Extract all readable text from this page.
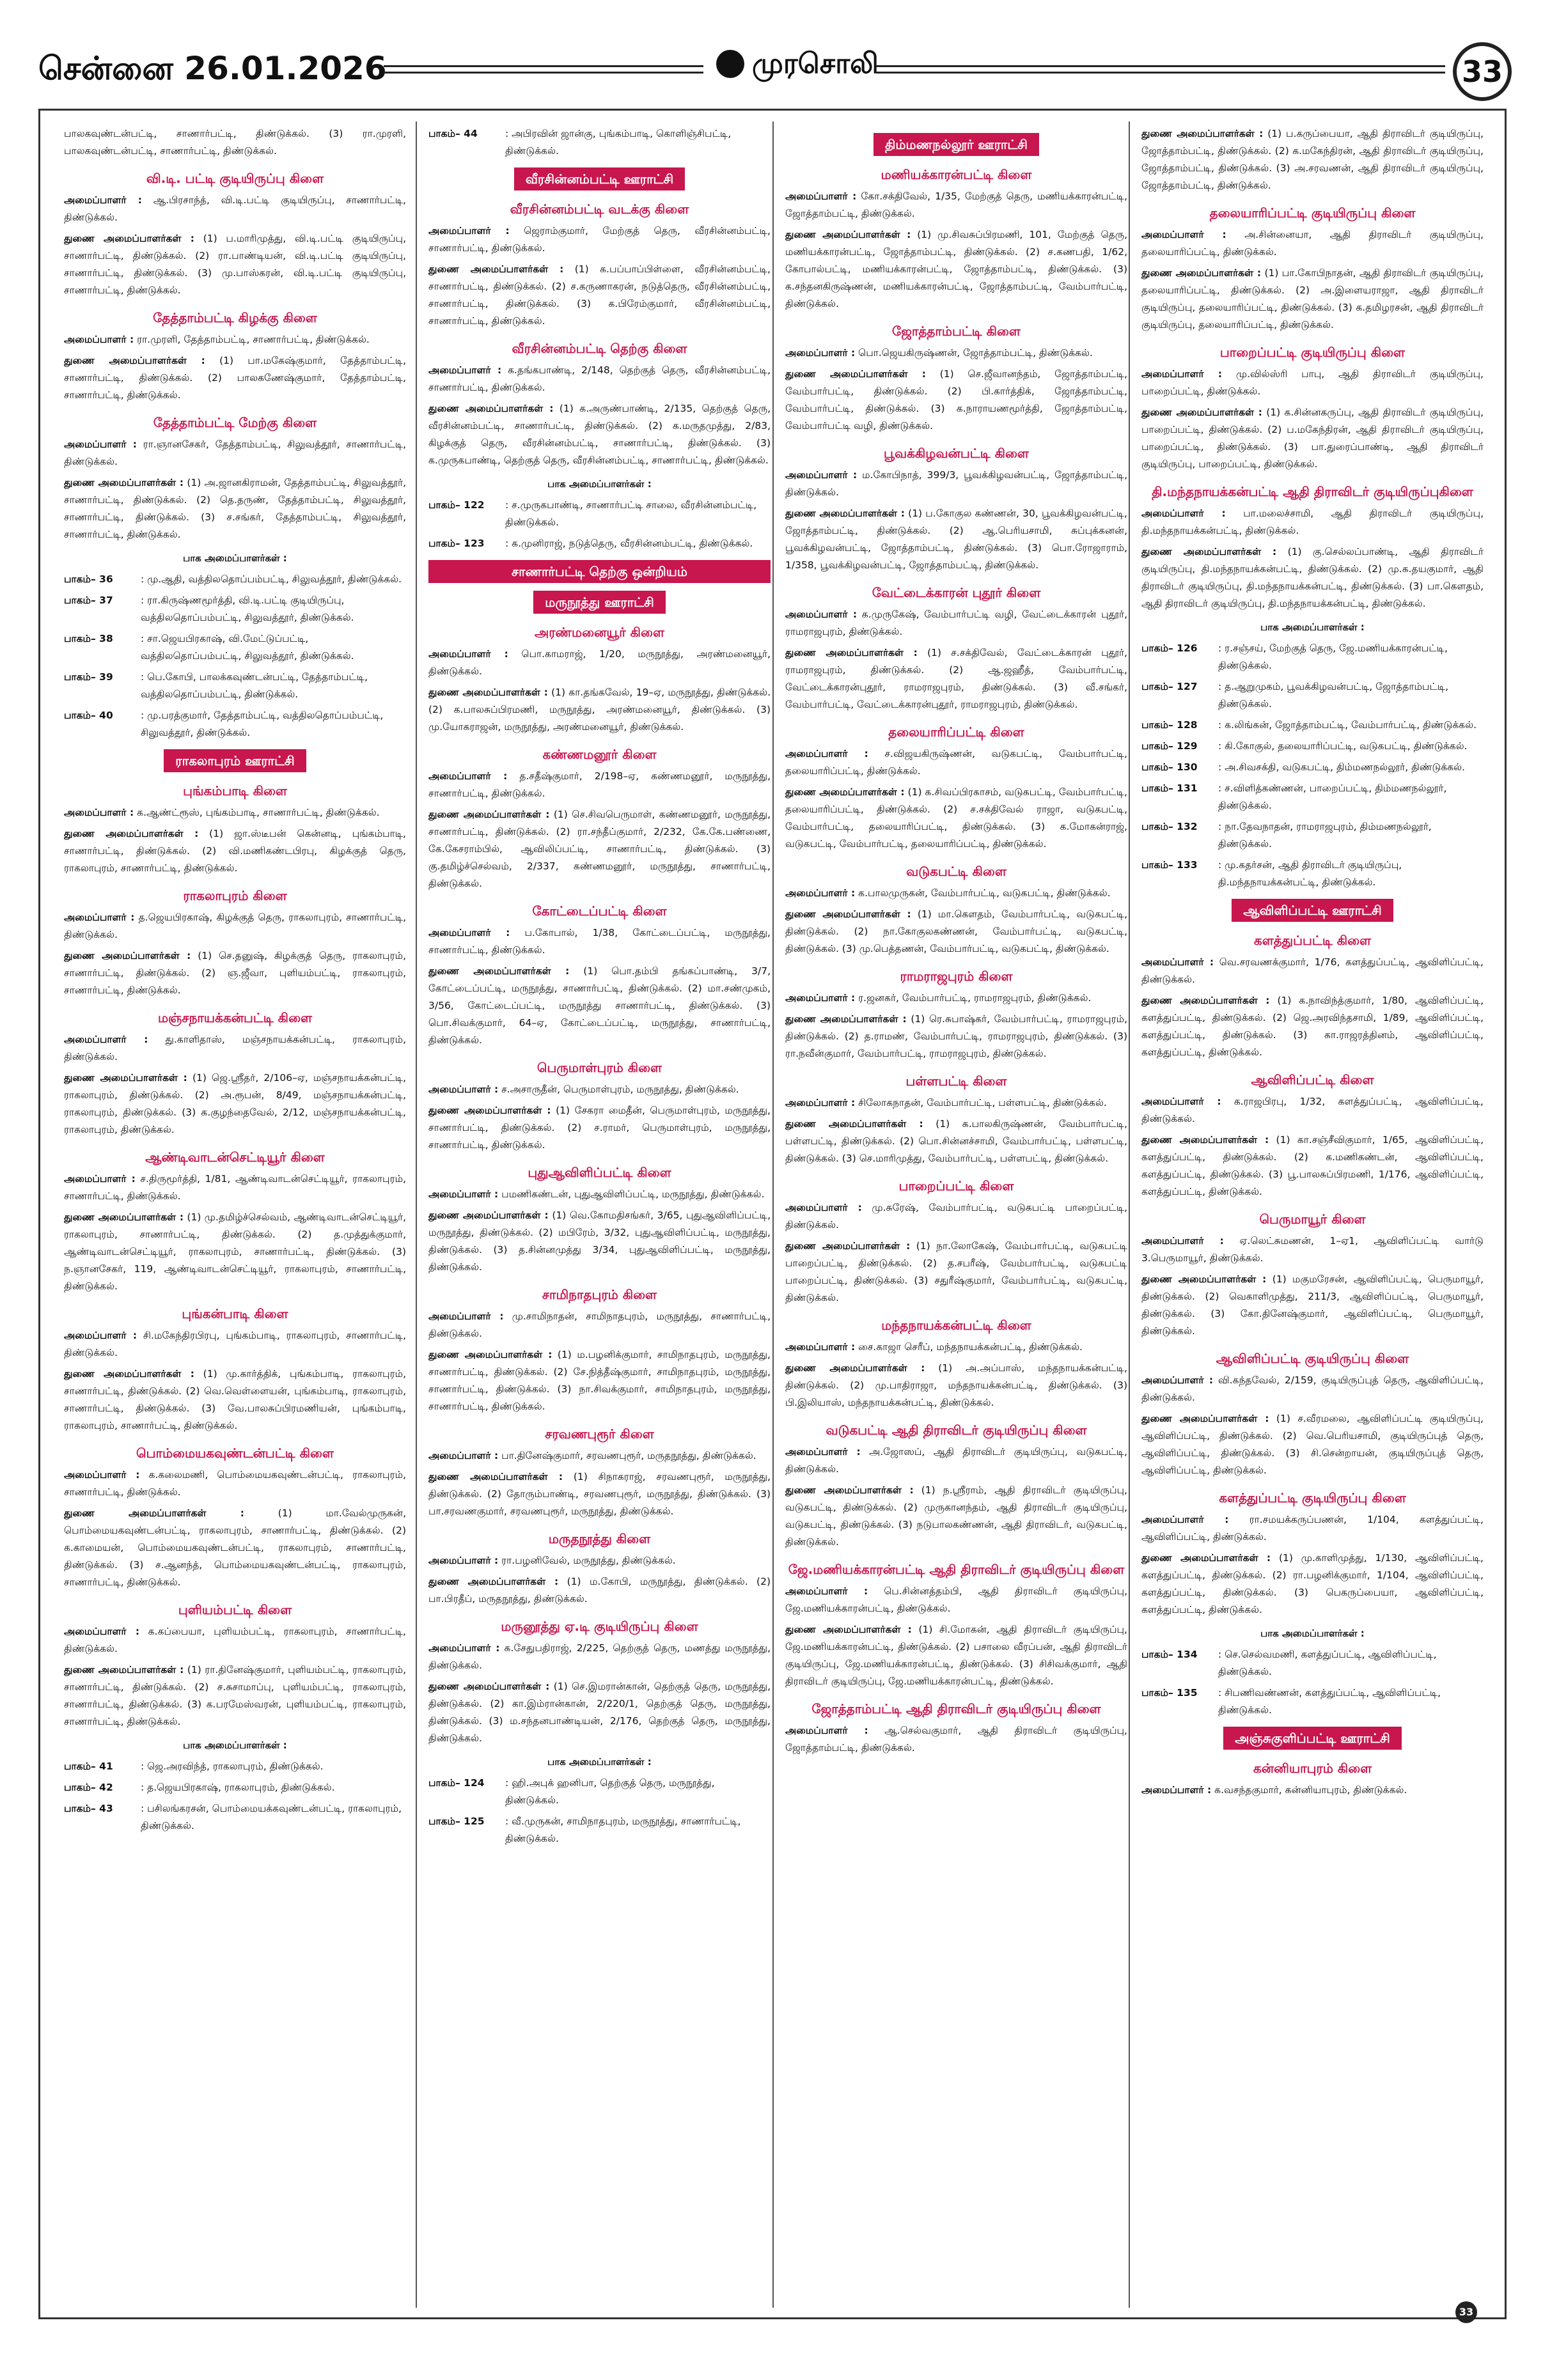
சென்னை 26.01.2026	முரசொலி	33
பாலகவுண்டன்பட்டி, சாணார்பட்டி, திண்டுக்கல். (3) ரா.முரளி, பாலகவுண்டன்பட்டி, சாணார்பட்டி, திண்டுக்கல்.
வி.டி. பட்டி குடியிருப்பு கிளை
அமைப்பாளர் : ஆ.பிரசாந்த், வி.டி.பட்டி குடியிருப்பு, சாணார்பட்டி, திண்டுக்கல்.
துணை அமைப்பாளர்கள் : (1) ப.மாரிமுத்து, வி.டி.பட்டி குடியிருப்பு, சாணார்பட்டி, திண்டுக்கல். (2) ரா.பாண்டியன், வி.டி.பட்டி குடியிருப்பு, சாணார்பட்டி, திண்டுக்கல். (3) மு.பாஸ்கரன், வி.டி.பட்டி குடியிருப்பு, சாணார்பட்டி, திண்டுக்கல்.
தேத்தாம்பட்டி கிழக்கு கிளை
அமைப்பாளர் : ரா.முரளி, தேத்தாம்பட்டி, சாணார்பட்டி, திண்டுக்கல்.
துணை அமைப்பாளர்கள் : (1) பா.மகேஷ்குமார், தேத்தாம்பட்டி, சாணார்பட்டி, திண்டுக்கல். (2) பாலகணேஷ்குமார், தேத்தாம்பட்டி, சாணார்பட்டி, திண்டுக்கல்.
தேத்தாம்பட்டி மேற்கு கிளை
அமைப்பாளர் : ரா.ஞானசேகர், தேத்தாம்பட்டி, சிலுவத்தூர், சாணார்பட்டி, திண்டுக்கல்.
துணை அமைப்பாளர்கள் : (1) அ.ஜானகிராமன், தேத்தாம்பட்டி, சிலுவத்தூர், சாணார்பட்டி, திண்டுக்கல். (2) தெ.தருண், தேத்தாம்பட்டி, சிலுவத்தூர், சாணார்பட்டி, திண்டுக்கல். (3) ச.சங்கர், தேத்தாம்பட்டி, சிலுவத்தூர், சாணார்பட்டி, திண்டுக்கல்.
பாக அமைப்பாளர்கள் :
பாகம்– 36	: மு.ஆதி, வத்திலதொப்பம்பட்டி, சிலுவத்தூர், திண்டுக்கல்.
பாகம்– 37	: ரா.கிருஷ்ணமூர்த்தி, வி.டி.பட்டி குடியிருப்பு, வத்திலதொப்பம்பட்டி, சிலுவத்தூர், திண்டுக்கல்.
பாகம்– 38	: சா.ஜெயபிரகாஷ், வி.மேட்டுப்பட்டி, வத்திலதொப்பம்பட்டி, சிலுவத்தூர், திண்டுக்கல்.
பாகம்– 39	: பெ.கோபி, பாலக்கவுண்டன்பட்டி, தேத்தாம்பட்டி, வத்திலதொப்பம்பட்டி, திண்டுக்கல்.
பாகம்– 40	: மு.பரத்குமார், தேத்தாம்பட்டி, வத்திலதொப்பம்பட்டி, சிலுவத்தூர், திண்டுக்கல்.
ராகலாபுரம் ஊராட்சி
புங்கம்பாடி கிளை
அமைப்பாளர் : க.ஆண்ட்ரூஸ், புங்கம்பாடி, சாணார்பட்டி, திண்டுக்கல்.
துணை அமைப்பாளர்கள் : (1) ஜா.ஸ்டீபன் கென்னடி, புங்கம்பாடி, சாணார்பட்டி, திண்டுக்கல். (2) வி.மணிகண்டபிரபு, கிழக்குத் தெரு, ராகலாபுரம், சாணார்பட்டி, திண்டுக்கல்.
ராகலாபுரம் கிளை
அமைப்பாளர் : த.ஜெயபிரகாஷ், கிழக்குத் தெரு, ராகலாபுரம், சாணார்பட்டி, திண்டுக்கல்.
துணை அமைப்பாளர்கள் : (1) செ.தனுஷ், கிழக்குத் தெரு, ராகலாபுரம், சாணார்பட்டி, திண்டுக்கல். (2) ஞ.ஜீவா, புளியம்பட்டி, ராகலாபுரம், சாணார்பட்டி, திண்டுக்கல்.
மஞ்சநாயக்கன்பட்டி கிளை
அமைப்பாளர் : து.காளிதாஸ், மஞ்சநாயக்கன்பட்டி, ராகலாபுரம், திண்டுக்கல்.
துணை அமைப்பாளர்கள் : (1) ஜெ.ஸ்ரீதர், 2/106–ஏ, மஞ்சநாயக்கன்பட்டி, ராகலாபுரம், திண்டுக்கல். (2) அ.ரூபன், 8/49, மஞ்சநாயக்கன்பட்டி, ராகலாபுரம், திண்டுக்கல். (3) க.குழந்தைவேல், 2/12, மஞ்சநாயக்கன்பட்டி, ராகலாபுரம், திண்டுக்கல்.
ஆண்டிவாடன்செட்டியூர் கிளை
அமைப்பாளர் : ச.திருமூர்த்தி, 1/81, ஆண்டிவாடன்செட்டியூர், ராகலாபுரம், சாணார்பட்டி, திண்டுக்கல்.
துணை அமைப்பாளர்கள் : (1) மு.தமிழ்ச்செல்வம், ஆண்டிவாடன்செட்டியூர், ராகலாபுரம், சாணார்பட்டி, திண்டுக்கல். (2) த.முத்துக்குமார், ஆண்டிவாடன்செட்டியூர், ராகலாபுரம், சாணார்பட்டி, திண்டுக்கல். (3) ந.ஞானசேகர், 119, ஆண்டிவாடன்செட்டியூர், ராகலாபுரம், சாணார்பட்டி, திண்டுக்கல்.
புங்கன்பாடி கிளை
அமைப்பாளர் : சி.மகேந்திரபிரபு, புங்கம்பாடி, ராகலாபுரம், சாணார்பட்டி, திண்டுக்கல்.
துணை அமைப்பாளர்கள் : (1) மு.கார்த்திக், புங்கம்பாடி, ராகலாபுரம், சாணார்பட்டி, திண்டுக்கல். (2) வெ.வெள்ளையன், புங்கம்பாடி, ராகலாபுரம், சாணார்பட்டி, திண்டுக்கல். (3) வே.பாலசுப்பிரமணியன், புங்கம்பாடி, ராகலாபுரம், சாணார்பட்டி, திண்டுக்கல்.
பொம்மையகவுண்டன்பட்டி கிளை
அமைப்பாளர் : க.கலைமணி, பொம்மையகவுண்டன்பட்டி, ராகலாபுரம், சாணார்பட்டி, திண்டுக்கல்.
துணை அமைப்பாளர்கள் :	(1) மா.வேல்முருகன், பொம்மையகவுண்டன்பட்டி, ராகலாபுரம், சாணார்பட்டி, திண்டுக்கல். (2) க.காமையன், பொம்மையகவுண்டன்பட்டி, ராகலாபுரம், சாணார்பட்டி, திண்டுக்கல். (3) ச.ஆனந்த், பொம்மையகவுண்டன்பட்டி, ராகலாபுரம், சாணார்பட்டி, திண்டுக்கல்.
புளியம்பட்டி கிளை
அமைப்பாளர் : க.கப்பையா, புளியம்பட்டி, ராகலாபுரம், சாணார்பட்டி, திண்டுக்கல்.
துணை அமைப்பாளர்கள் : (1) ரா.தினேஷ்குமார், புளியம்பட்டி, ராகலாபுரம், சாணார்பட்டி, திண்டுக்கல். (2) ச.சுசாமாப்பு, புளியம்பட்டி, ராகலாபுரம், சாணார்பட்டி, திண்டுக்கல். (3) க.பரமேஸ்வரன், புளியம்பட்டி, ராகலாபுரம், சாணார்பட்டி, திண்டுக்கல்.
பாக அமைப்பாளர்கள் :
பாகம்– 41	: ஜெ.அரவிந்த், ராகலாபுரம், திண்டுக்கல்.
பாகம்– 42	: த.ஜெயபிரகாஷ், ராகலாபுரம், திண்டுக்கல்.
பாகம்– 43	: பசிலங்கரசன், பொம்மையக்கவுண்டன்பட்டி, ராகலாபுரம், திண்டுக்கல்.
பாகம்– 44	: அபிரவின் ஜான்கு, புங்கம்பாடி, கொளிஞ்சிபட்டி, திண்டுக்கல்.
வீரசின்னம்பட்டி ஊராட்சி
வீரசின்னம்பட்டி வடக்கு கிளை
அமைப்பாளர் : ஜெராம்குமார், மேற்குத் தெரு, வீரசின்னம்பட்டி, சாணார்பட்டி, திண்டுக்கல்.
துணை அமைப்பாளர்கள் : (1) க.பப்பாப்பிள்ளை, வீரசின்னம்பட்டி, சாணார்பட்டி, திண்டுக்கல். (2) ச.கருணாகரன், நடுத்தெரு, வீரசின்னம்பட்டி, சாணார்பட்டி, திண்டுக்கல். (3) க.பிரேம்குமார், வீரசின்னம்பட்டி, சாணார்பட்டி, திண்டுக்கல்.
வீரசின்னம்பட்டி தெற்கு கிளை
அமைப்பாளர் : க.தங்கபாண்டி, 2/148, தெற்குத் தெரு, வீரசின்னம்பட்டி, சாணார்பட்டி, திண்டுக்கல்.
துணை அமைப்பாளர்கள் : (1) க.அருண்பாண்டி, 2/135, தெற்குத் தெரு, வீரசின்னம்பட்டி, சாணார்பட்டி, திண்டுக்கல். (2) க.மருதமுத்து, 2/83, கிழக்குத் தெரு, வீரசின்னம்பட்டி, சாணார்பட்டி, திண்டுக்கல். (3) க.முருகபாண்டி, தெற்குத் தெரு, வீரசின்னம்பட்டி, சாணார்பட்டி, திண்டுக்கல்.
பாக அமைப்பாளர்கள் :
பாகம்– 122	: ச.முருகபாண்டி, சாணார்பட்டி சாலை, வீரசின்னம்பட்டி, திண்டுக்கல்.
பாகம்– 123	: க.முனிராஜ், நடுத்தெரு, வீரசின்னம்பட்டி, திண்டுக்கல்.
சாணார்பட்டி தெற்கு ஒன்றியம்
மருநூத்து ஊராட்சி
அரண்மனையூர் கிளை
அமைப்பாளர் : பொ.காமராஜ், 1/20, மருநூத்து, அரண்மனையூர், திண்டுக்கல்.
துணை அமைப்பாளர்கள் : (1) கா.தங்கவேல், 19–ஏ, மருநூத்து, திண்டுக்கல். (2) க.பாலசுப்பிரமணி, மருநூத்து, அரண்மனையூர், திண்டுக்கல். (3) மு.யோகராஜன், மருநூத்து, அரண்மனையூர், திண்டுக்கல்.
கண்ணமனூர் கிளை
அமைப்பாளர் : த.சதீஷ்குமார், 2/198–ஏ, கண்ணமனூர், மருநூத்து, சாணார்பட்டி, திண்டுக்கல்.
துணை அமைப்பாளர்கள் : (1) செ.சிவபெருமாள், கண்ணமனூர், மருநூத்து, சாணார்பட்டி, திண்டுக்கல். (2) ரா.சந்தீப்குமார், 2/232, கே.கே.பண்ணை, கே.கேசராம்பில், ஆவிலிப்பட்டி, சாணார்பட்டி, திண்டுக்கல். (3) கு.தமிழ்ச்செல்வம், 2/337, கண்ணமனூர், மருநூத்து, சாணார்பட்டி, திண்டுக்கல்.
கோட்டைப்பட்டி கிளை
அமைப்பாளர் : ப.கோபால், 1/38, கோட்டைப்பட்டி, மருநூத்து, சாணார்பட்டி, திண்டுக்கல்.
துணை அமைப்பாளர்கள் : (1) பொ.தம்பி தங்கப்பாண்டி, 3/7, கோட்டைப்பட்டி, மருநூத்து, சாணார்பட்டி, திண்டுக்கல். (2) மா.சண்முகம், 3/56, கோட்டைப்பட்டி, மருநூத்து சாணார்பட்டி, திண்டுக்கல். (3) பொ.சிவக்குமார், 64–ஏ, கோட்டைப்பட்டி, மருநூத்து, சாணார்பட்டி, திண்டுக்கல்.
பெருமாள்புரம் கிளை
அமைப்பாளர் : ச.அசாருதீன், பெருமாள்புரம், மருநூத்து, திண்டுக்கல்.
துணை அமைப்பாளர்கள் : (1) சேகரா மைதீன், பெருமாள்புரம், மருநூத்து, சாணார்பட்டி, திண்டுக்கல். (2) ச.ராமர், பெருமாள்புரம், மருநூத்து, சாணார்பட்டி, திண்டுக்கல்.
புதுஆவிளிப்பட்டி கிளை
அமைப்பாளர் : பமணிகண்டன், புதுஆவிளிப்பட்டி, மருநூத்து, திண்டுக்கல்.
துணை அமைப்பாளர்கள் : (1) வெ.கோமதிசங்கர், 3/65, புதுஆவிளிப்பட்டி, மருநூத்து, திண்டுக்கல். (2) மபிரேம், 3/32, புதுஆவிளிப்பட்டி, மருநூத்து, திண்டுக்கல். (3) த.சின்னமுத்து 3/34, புதுஆவிளிப்பட்டி, மருநூத்து, திண்டுக்கல்.
சாமிநாதபுரம் கிளை
அமைப்பாளர் : மு.சாமிநாதன், சாமிநாதபுரம், மருநூத்து, சாணார்பட்டி, திண்டுக்கல்.
துணை அமைப்பாளர்கள் : (1) ம.பழனிக்குமார், சாமிநாதபுரம், மருநூத்து, சாணார்பட்டி, திண்டுக்கல். (2) சே.நித்தீஷ்குமார், சாமிநாதபுரம், மருநூத்து, சாணார்பட்டி, திண்டுக்கல். (3) நா.சிவக்குமார், சாமிநாதபுரம், மருநூத்து, சாணார்பட்டி, திண்டுக்கல்.
சரவணபுரூர் கிளை
அமைப்பாளர் : பா.தினேஷ்குமார், சரவணபுரூர், மருதநூத்து, திண்டுக்கல்.
துணை அமைப்பாளர்கள் : (1) சிநாகராஜ், சரவணபுரூர், மருநூத்து, திண்டுக்கல். (2) தோரும்பாண்டி, சரவணபுரூர், மருநூத்து, திண்டுக்கல். (3) பா.சரவணகுமார், சரவணபுரூர், மருநூத்து, திண்டுக்கல்.
மருதநூத்து கிளை
அமைப்பாளர் : ரா.பழனிவேல், மருநூத்து, திண்டுக்கல்.
துணை அமைப்பாளர்கள் : (1) ம.கோபி, மருநூத்து, திண்டுக்கல். (2) பா.பிரதீப், மருதநூத்து, திண்டுக்கல்.
மருனூத்து ஏ.டி குடியிருப்பு கிளை
அமைப்பாளர் : க.சேதுபதிராஜ், 2/225, தெற்குத் தெரு, மணத்து மருநூத்து, திண்டுக்கல்.
துணை அமைப்பாளர்கள் : (1) செ.இமரான்கான், தெற்குத் தெரு, மருநூத்து, திண்டுக்கல். (2) கா.இம்ரான்கான், 2/220/1, தெற்குத் தெரு, மருநூத்து, திண்டுக்கல். (3) ம.சந்தனபாண்டியன், 2/176, தெற்குத் தெரு, மருநூத்து, திண்டுக்கல்.
பாக அமைப்பாளர்கள் :
பாகம்– 124	: ஹி.அபுக் ஹனிபா, தெற்குத் தெரு, மருநூத்து, திண்டுக்கல்.
பாகம்– 125	: வீ.முருகன், சாமிநாதபுரம், மருநூத்து, சாணார்பட்டி, திண்டுக்கல்.
திம்மணநல்லூர் ஊராட்சி
மணியக்காரன்பட்டி கிளை
அமைப்பாளர் : கோ.சக்திவேல், 1/35, மேற்குத் தெரு, மணியக்காரன்பட்டி, ஜோத்தாம்பட்டி, திண்டுக்கல்.
துணை அமைப்பாளர்கள் : (1) மு.சிவசுப்பிரமணி, 101, மேற்குத் தெரு, மணியக்காரன்பட்டி, ஜோத்தாம்பட்டி, திண்டுக்கல். (2) ச.கணபதி, 1/62, கோபால்பட்டி, மணியக்காரன்பட்டி, ஜோத்தாம்பட்டி, திண்டுக்கல். (3) க.சந்தனகிருஷ்ணன், மணியக்காரன்பட்டி, ஜோத்தாம்பட்டி, வேம்பார்பட்டி, திண்டுக்கல்.
ஜோத்தாம்பட்டி கிளை
அமைப்பாளர் : பொ.ஜெயகிருஷ்ணன், ஜோத்தாம்பட்டி, திண்டுக்கல்.
துணை அமைப்பாளர்கள் : (1) செ.ஜீவானந்தம், ஜோத்தாம்பட்டி, வேம்பார்பட்டி, திண்டுக்கல். (2) பி.கார்த்திக், ஜோத்தாம்பட்டி, வேம்பார்பட்டி, திண்டுக்கல். (3) க.நாராயணமூர்த்தி, ஜோத்தாம்பட்டி, வேம்பார்பட்டி வழி, திண்டுக்கல்.
பூவக்கிழவன்பட்டி கிளை
அமைப்பாளர் : ம.கோபிநாத், 399/3, பூவக்கிழவன்பட்டி, ஜோத்தாம்பட்டி, திண்டுக்கல்.
துணை அமைப்பாளர்கள் : (1) ப.கோகுல கண்ணன், 30, பூவக்கிழவன்பட்டி, ஜோத்தாம்பட்டி, திண்டுக்கல். (2) ஆ.பெரியசாமி, சுப்புக்கனன், பூவக்கிழவன்பட்டி, ஜோத்தாம்பட்டி, திண்டுக்கல். (3) பொ.ரோஜாராம், 1/358, பூவக்கிழவன்பட்டி, ஜோத்தாம்பட்டி, திண்டுக்கல்.
வேட்டைக்காரன் புதூர் கிளை
அமைப்பாளர் : க.முருகேஷ், வேம்பார்பட்டி வழி, வேட்டைக்காரன் புதூர், ராமராஜபுரம், திண்டுக்கல்.
துணை அமைப்பாளர்கள் : (1) ச.சக்திவேல், வேட்டைக்காரன் புதூர், ராமராஜபுரம், திண்டுக்கல். (2) ஆ.ஜஹீத், வேம்பார்பட்டி, வேட்டைக்காரன்புதூர், ராமராஜபுரம், திண்டுக்கல். (3) வீ.சங்கர், வேம்பார்பட்டி, வேட்டைக்காரன்புதூர், ராமராஜபுரம், திண்டுக்கல்.
தலையாரிப்பட்டி கிளை
அமைப்பாளர் : ச.விஜயகிருஷ்ணன், வடுகபட்டி, வேம்பார்பட்டி, தலையாரிப்பட்டி, திண்டுக்கல்.
துணை அமைப்பாளர்கள் : (1) க.சிவப்பிரகாசம், வடுகபட்டி, வேம்பார்பட்டி, தலையாரிப்பட்டி, திண்டுக்கல். (2) ச.சக்திவேல் ராஜா, வடுகபட்டி, வேம்பார்பட்டி, தலையாரிப்பட்டி, திண்டுக்கல். (3) க.மோகன்ராஜ், வடுகபட்டி, வேம்பார்பட்டி, தலையாரிப்பட்டி, திண்டுக்கல்.
வடுகபட்டி கிளை
அமைப்பாளர் : க.பாலமுருகன், வேம்பார்பட்டி, வடுகபட்டி, திண்டுக்கல்.
துணை அமைப்பாளர்கள் : (1) மா.கௌதம், வேம்பார்பட்டி, வடுகபட்டி, திண்டுக்கல். (2) நா.கோகுலகண்ணன், வேம்பார்பட்டி, வடுகபட்டி, திண்டுக்கல். (3) மு.பெத்தணன், வேம்பார்பட்டி, வடுகபட்டி, திண்டுக்கல்.
ராமராஜபுரம் கிளை
அமைப்பாளர் : ர.ஜனகர், வேம்பார்பட்டி, ராமராஜபுரம், திண்டுக்கல்.
துணை அமைப்பாளர்கள் : (1) ரெ.சுபாஷ்கர், வேம்பார்பட்டி, ராமராஜபுரம், திண்டுக்கல். (2) த.ராமண், வேம்பார்பட்டி, ராமராஜபுரம், திண்டுக்கல். (3) ரா.நவீன்குமார், வேம்பார்பட்டி, ராமராஜபுரம், திண்டுக்கல்.
பள்ளபட்டி கிளை
அமைப்பாளர் : சிலோகநாதன், வேம்பார்பட்டி, பள்ளபட்டி, திண்டுக்கல்.
துணை அமைப்பாளர்கள் : (1) க.பாலகிருஷ்ணன், வேம்பார்பட்டி, பள்ளபட்டி, திண்டுக்கல். (2) பொ.சின்னச்சாமி, வேம்பார்பட்டி, பள்ளபட்டி, திண்டுக்கல். (3) செ.மாரிமுத்து, வேம்பார்பட்டி, பள்ளபட்டி, திண்டுக்கல்.
பாறைப்பட்டி கிளை
அமைப்பாளர் : மு.சுரேஷ், வேம்பார்பட்டி, வடுகபட்டி பாறைப்பட்டி, திண்டுக்கல்.
துணை அமைப்பாளர்கள் : (1) நா.லோகேஷ், வேம்பார்பட்டி, வடுகபட்டி பாறைப்பட்டி, திண்டுக்கல். (2) த.சபரீஷ், வேம்பார்பட்டி, வடுகபட்டி பாறைப்பட்டி, திண்டுக்கல். (3) சதுரீஷ்குமார், வேம்பார்பட்டி, வடுகபட்டி, திண்டுக்கல்.
மந்தநாயக்கன்பட்டி கிளை
அமைப்பாளர் : சை.காஜா செரீப், மந்தநாயக்கன்பட்டி, திண்டுக்கல்.
துணை அமைப்பாளர்கள் : (1) அ.அப்பாஸ், மந்தநாயக்கன்பட்டி, திண்டுக்கல். (2) மு.பாதிராஜா, மந்தநாயக்கன்பட்டி, திண்டுக்கல். (3) பி.இலியாஸ், மந்தநாயக்கன்பட்டி, திண்டுக்கல்.
வடுகபட்டி ஆதி திராவிடர் குடியிருப்பு கிளை
அமைப்பாளர் : அ.ஜோஸப், ஆதி திராவிடர் குடியிருப்பு, வடுகபட்டி, திண்டுக்கல்.
துணை அமைப்பாளர்கள் : (1) ந.ஸ்ரீராம், ஆதி திராவிடர் குடியிருப்பு, வடுகபட்டி, திண்டுக்கல். (2) முருகானந்தம், ஆதி திராவிடர் குடியிருப்பு, வடுகபட்டி, திண்டுக்கல். (3) நடுபாலகண்ணன், ஆதி திராவிடர், வடுகபட்டி, திண்டுக்கல்.
ஜே.மணியக்காரன்பட்டி ஆதி திராவிடர் குடியிருப்பு கிளை
அமைப்பாளர் : பெ.சின்னத்தம்பி, ஆதி திராவிடர் குடியிருப்பு, ஜே.மணியக்காரன்பட்டி, திண்டுக்கல்.
துணை அமைப்பாளர்கள் : (1) சி.மோகன், ஆதி திராவிடர் குடியிருப்பு, ஜே.மணியக்காரன்பட்டி, திண்டுக்கல். (2) பசாலை வீரப்பன், ஆதி திராவிடர் குடியிருப்பு, ஜே.மணியக்காரன்பட்டி, திண்டுக்கல். (3) சிசிவக்குமார், ஆதி திராவிடர் குடியிருப்பு, ஜே.மணியக்காரன்பட்டி, திண்டுக்கல்.
ஜோத்தாம்பட்டி ஆதி திராவிடர் குடியிருப்பு கிளை
அமைப்பாளர் : ஆ.செல்வகுமார், ஆதி திராவிடர் குடியிருப்பு, ஜோத்தாம்பட்டி, திண்டுக்கல்.
துணை அமைப்பாளர்கள் : (1) ப.கருப்பையா, ஆதி திராவிடர் குடியிருப்பு, ஜோத்தாம்பட்டி, திண்டுக்கல். (2) க.மகேந்திரன், ஆதி திராவிடர் குடியிருப்பு, ஜோத்தாம்பட்டி, திண்டுக்கல். (3) அ.சரவணன், ஆதி திராவிடர் குடியிருப்பு, ஜோத்தாம்பட்டி, திண்டுக்கல்.
தலையாரிப்பட்டி குடியிருப்பு கிளை
அமைப்பாளர் : அ.சின்னையா, ஆதி திராவிடர் குடியிருப்பு, தலையாரிப்பட்டி, திண்டுக்கல்.
துணை அமைப்பாளர்கள் : (1) பா.கோபிநாதன், ஆதி திராவிடர் குடியிருப்பு, தலையாரிப்பட்டி, திண்டுக்கல். (2) அ.இளையராஜா, ஆதி திராவிடர் குடியிருப்பு, தலையாரிப்பட்டி, திண்டுக்கல். (3) க.தமிழரசன், ஆதி திராவிடர் குடியிருப்பு, தலையாரிப்பட்டி, திண்டுக்கல்.
பாறைப்பட்டி குடியிருப்பு கிளை
அமைப்பாளர் : மு.வில்ஸ்ரி பாபு, ஆதி திராவிடர் குடியிருப்பு, பாறைப்பட்டி, திண்டுக்கல்.
துணை அமைப்பாளர்கள் : (1) க.சின்னகருப்பு, ஆதி திராவிடர் குடியிருப்பு, பாறைப்பட்டி, திண்டுக்கல். (2) ப.மகேந்திரன், ஆதி திராவிடர் குடியிருப்பு, பாறைப்பட்டி, திண்டுக்கல். (3) பா.துரைப்பாண்டி, ஆதி திராவிடர் குடியிருப்பு, பாறைப்பட்டி, திண்டுக்கல்.
தி.மந்தநாயக்கன்பட்டி ஆதி திராவிடர் குடியிருப்புகிளை
அமைப்பாளர் : பா.மலைச்சாமி, ஆதி திராவிடர் குடியிருப்பு, தி.மந்தநாயக்கன்பட்டி, திண்டுக்கல்.
துணை அமைப்பாளர்கள் : (1) கு.செல்லப்பாண்டி, ஆதி திராவிடர் குடியிருப்பு, தி.மந்தநாயக்கன்பட்டி, திண்டுக்கல். (2) மு.க.தயகுமார், ஆதி திராவிடர் குடியிருப்பு, தி.மந்தநாயக்கன்பட்டி, திண்டுக்கல். (3) பா.கௌதம், ஆதி திராவிடர் குடியிருப்பு, தி.மந்தநாயக்கன்பட்டி, திண்டுக்கல்.
பாக அமைப்பாளர்கள் :
பாகம்– 126	: ர.சஞ்சய், மேற்குத் தெரு, ஜே.மணியக்காரன்பட்டி, திண்டுக்கல்.
பாகம்– 127	: த.ஆறுமுகம், பூவக்கிழவன்பட்டி, ஜோத்தாம்பட்டி, திண்டுக்கல்.
பாகம்– 128	: க.லிங்கன், ஜோத்தாம்பட்டி, வேம்பார்பட்டி, திண்டுக்கல்.
பாகம்– 129	: கி.கோகுல், தலையாரிப்பட்டி, வடுகபட்டி, திண்டுக்கல்.
பாகம்– 130	: அ.சிவசக்தி, வடுகபட்டி, திம்மணநல்லூர், திண்டுக்கல்.
பாகம்– 131	: ச.விளித்கண்ணன், பாறைப்பட்டி, திம்மணநல்லூர், திண்டுக்கல்.
பாகம்– 132	: நா.தேவநாதன், ராமராஜபுரம், திம்மணநல்லூர், திண்டுக்கல்.
பாகம்– 133	: மு.கதர்சன், ஆதி திராவிடர் குடியிருப்பு, தி.மந்தநாயக்கன்பட்டி, திண்டுக்கல்.
ஆவிளிப்பட்டி ஊராட்சி
களத்துப்பட்டி கிளை
அமைப்பாளர் : வெ.சரவணக்குமார், 1/76, களத்துப்பட்டி, ஆவிளிப்பட்டி, திண்டுக்கல்.
துணை அமைப்பாளர்கள் : (1) க.நாவிந்த்குமார், 1/80, ஆவிளிப்பட்டி, களத்துப்பட்டி, திண்டுக்கல். (2) ஜெ.அரவிந்தசாமி, 1/89, ஆவிளிப்பட்டி, களத்துப்பட்டி, திண்டுக்கல். (3) கா.ராஜரத்தினம், ஆவிளிப்பட்டி, களத்துப்பட்டி, திண்டுக்கல்.
ஆவிளிப்பட்டி கிளை
அமைப்பாளர் : க.ராஜபிரபு, 1/32, களத்துப்பட்டி, ஆவிளிப்பட்டி, திண்டுக்கல்.
துணை அமைப்பாளர்கள் : (1) கா.சஞ்சீவிகுமார், 1/65, ஆவிளிப்பட்டி, களத்துப்பட்டி, திண்டுக்கல். (2) க.மணிகண்டன், ஆவிளிப்பட்டி, களத்துப்பட்டி, திண்டுக்கல். (3) பூ.பாலசுப்பிரமணி, 1/176, ஆவிளிப்பட்டி, களத்துப்பட்டி, திண்டுக்கல்.
பெருமாயூர் கிளை
அமைப்பாளர் : ஏ.லெட்சுமணன், 1–ஏ1, ஆவிளிப்பட்டி வார்டு 3.பெருமாயூர், திண்டுக்கல்.
துணை அமைப்பாளர்கள் : (1) மகுமரேசன், ஆவிளிப்பட்டி, பெருமாயூர், திண்டுக்கல். (2) வெகாளிமுத்து, 211/3, ஆவிளிப்பட்டி, பெருமாயூர், திண்டுக்கல். (3) கோ.தினேஷ்குமார், ஆவிளிப்பட்டி, பெருமாயூர், திண்டுக்கல்.
ஆவிளிப்பட்டி குடியிருப்பு கிளை
அமைப்பாளர் : வி.கந்தவேல், 2/159, குடியிருப்புத் தெரு, ஆவிளிப்பட்டி, திண்டுக்கல்.
துணை அமைப்பாளர்கள் : (1) ச.வீரமலை, ஆவிளிப்பட்டி குடியிருப்பு, ஆவிளிப்பட்டி, திண்டுக்கல். (2) வெ.பெரியசாமி, குடியிருப்புத் தெரு, ஆவிளிப்பட்டி, திண்டுக்கல். (3) சி.சென்றாயன், குடியிருப்புத் தெரு, ஆவிளிப்பட்டி, திண்டுக்கல்.
களத்துப்பட்டி குடியிருப்பு கிளை
அமைப்பாளர் : ரா.சமயக்கருப்பணன், 1/104, களத்துப்பட்டி, ஆவிளிப்பட்டி, திண்டுக்கல்.
துணை அமைப்பாளர்கள் : (1) மு.காளிமுத்து, 1/130, ஆவிளிப்பட்டி, களத்துப்பட்டி, திண்டுக்கல். (2) ரா.பழனிக்குமார், 1/104, ஆவிளிப்பட்டி, களத்துப்பட்டி, திண்டுக்கல். (3) பெகருப்பையா, ஆவிளிப்பட்டி, களத்துப்பட்டி, திண்டுக்கல்.
பாக அமைப்பாளர்கள் :
பாகம்– 134	: செ.செல்வமணி, களத்துப்பட்டி, ஆவிளிப்பட்டி, திண்டுக்கல்.
பாகம்– 135	: சிபணிவண்ணன், களத்துப்பட்டி, ஆவிளிப்பட்டி, திண்டுக்கல்.
அஞ்சுகுளிப்பட்டி ஊராட்சி
கன்னியாபுரம் கிளை
அமைப்பாளர் : க.வசந்தகுமார், கன்னியாபுரம், திண்டுக்கல்.
33
